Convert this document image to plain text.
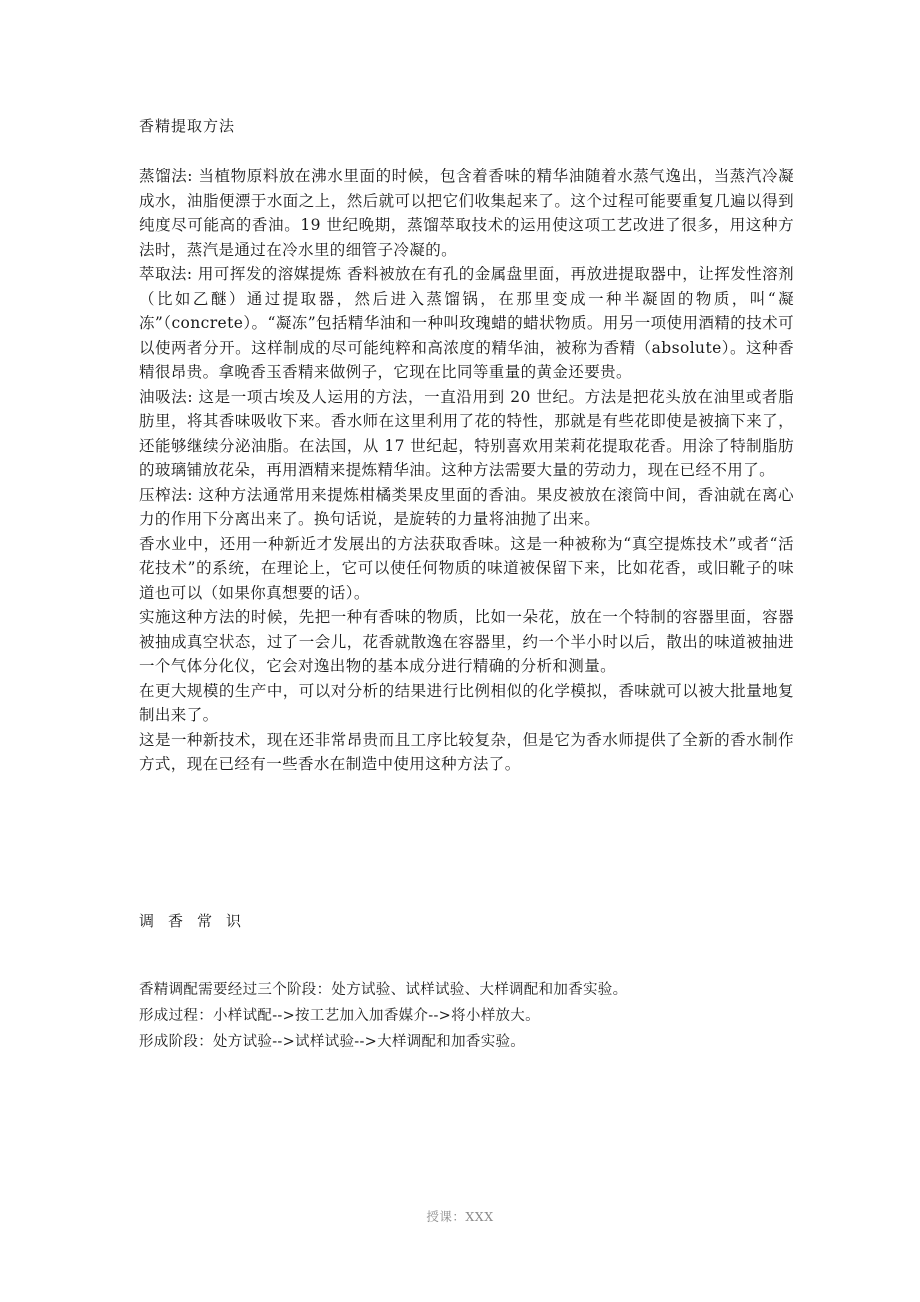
香精提取方法

蒸馏法: 当植物原料放在沸水里面的时候，包含着香味的精华油随着水蒸气逸出，当蒸汽冷凝成水，油脂便漂于水面之上，然后就可以把它们收集起来了。这个过程可能要重复几遍以得到纯度尽可能高的香油。19 世纪晚期，蒸馏萃取技术的运用使这项工艺改进了很多，用这种方法时，蒸汽是通过在冷水里的细管子冷凝的。

萃取法: 用可挥发的溶媒提炼 香料被放在有孔的金属盘里面，再放进提取器中，让挥发性溶剂（比如乙醚）通过提取器，然后进入蒸馏锅，在那里变成一种半凝固的物质，叫“凝冻”（concrete）。“凝冻”包括精华油和一种叫玫瑰蜡的蜡状物质。用另一项使用酒精的技术可以使两者分开。这样制成的尽可能纯粹和高浓度的精华油，被称为香精（absolute）。这种香精很昂贵。拿晚香玉香精来做例子，它现在比同等重量的黄金还要贵。

油吸法: 这是一项古埃及人运用的方法，一直沿用到 20 世纪。方法是把花头放在油里或者脂肪里，将其香味吸收下来。香水师在这里利用了花的特性，那就是有些花即使是被摘下来了，还能够继续分泌油脂。在法国，从 17 世纪起，特别喜欢用茉莉花提取花香。用涂了特制脂肪的玻璃铺放花朵，再用酒精来提炼精华油。这种方法需要大量的劳动力，现在已经不用了。

压榨法: 这种方法通常用来提炼柑橘类果皮里面的香油。果皮被放在滚筒中间，香油就在离心力的作用下分离出来了。换句话说，是旋转的力量将油抛了出来。

香水业中，还用一种新近才发展出的方法获取香味。这是一种被称为“真空提炼技术”或者“活花技术”的系统，在理论上，它可以使任何物质的味道被保留下来，比如花香，或旧靴子的味道也可以（如果你真想要的话）。

实施这种方法的时候，先把一种有香味的物质，比如一朵花，放在一个特制的容器里面，容器被抽成真空状态，过了一会儿，花香就散逸在容器里，约一个半小时以后，散出的味道被抽进一个气体分化仪，它会对逸出物的基本成分进行精确的分析和测量。

在更大规模的生产中，可以对分析的结果进行比例相似的化学模拟，香味就可以被大批量地复制出来了。

这是一种新技术，现在还非常昂贵而且工序比较复杂，但是它为香水师提供了全新的香水制作方式，现在已经有一些香水在制造中使用这种方法了。

调香常识

香精调配需要经过三个阶段：处方试验、试样试验、大样调配和加香实验。

形成过程：小样试配-->按工艺加入加香媒介-->将小样放大。

形成阶段：处方试验-->试样试验-->大样调配和加香实验。

授课：XXX
